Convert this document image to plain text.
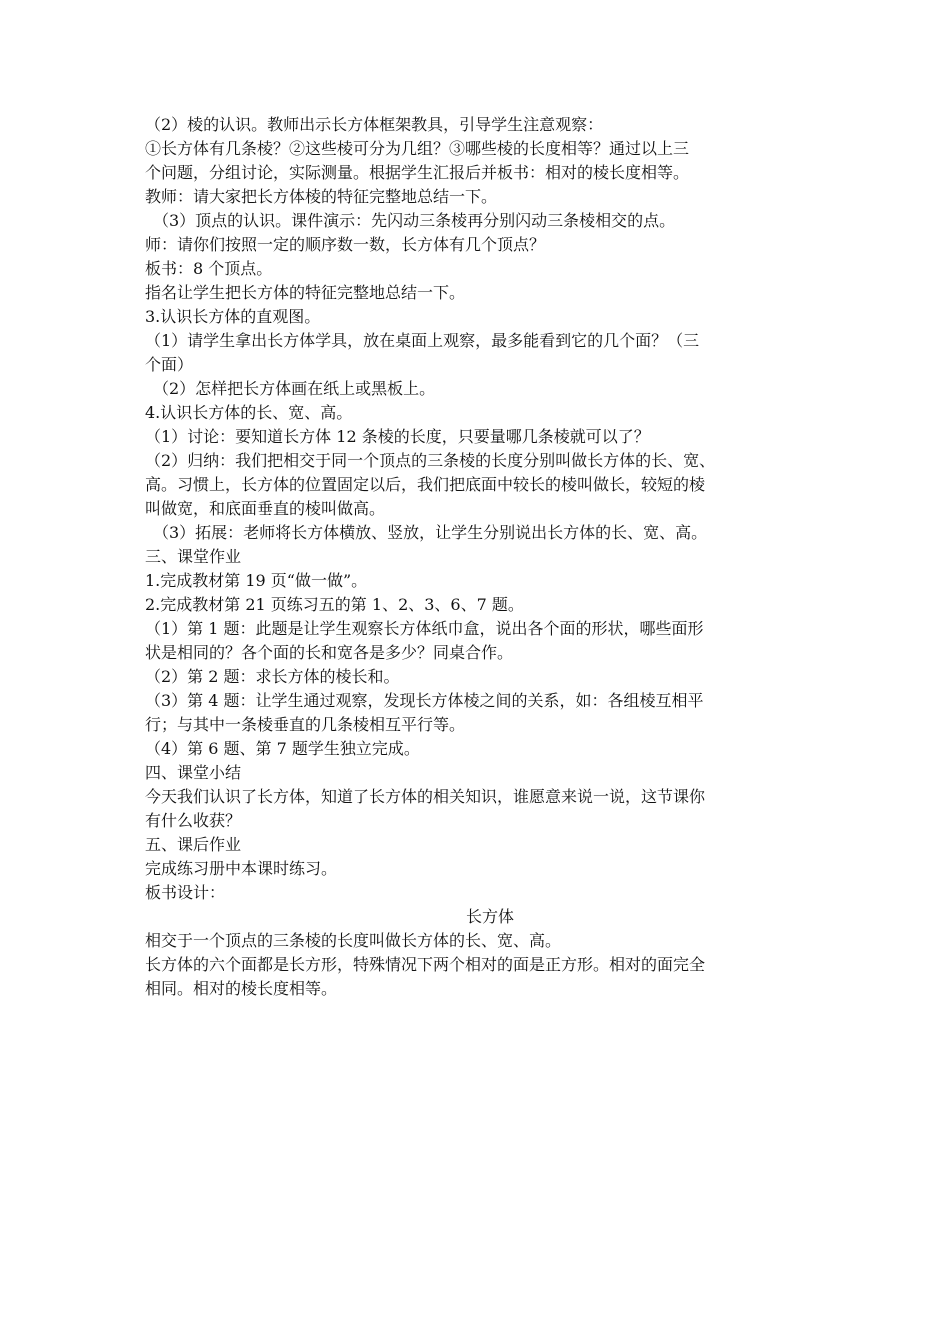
（2）棱的认识。教师出示长方体框架教具，引导学生注意观察：

①长方体有几条棱？②这些棱可分为几组？③哪些棱的长度相等？通过以上三

个问题，分组讨论，实际测量。根据学生汇报后并板书：相对的棱长度相等。

教师：请大家把长方体棱的特征完整地总结一下。

（3）顶点的认识。课件演示：先闪动三条棱再分别闪动三条棱相交的点。

师：请你们按照一定的顺序数一数，长方体有几个顶点？

板书：8 个顶点。

指名让学生把长方体的特征完整地总结一下。

3.认识长方体的直观图。

（1）请学生拿出长方体学具，放在桌面上观察，最多能看到它的几个面？（三

个面）

（2）怎样把长方体画在纸上或黑板上。

4.认识长方体的长、宽、高。

（1）讨论：要知道长方体 12 条棱的长度，只要量哪几条棱就可以了？

（2）归纳：我们把相交于同一个顶点的三条棱的长度分别叫做长方体的长、宽、

高。习惯上，长方体的位置固定以后，我们把底面中较长的棱叫做长，较短的棱

叫做宽，和底面垂直的棱叫做高。

（3）拓展：老师将长方体横放、竖放，让学生分别说出长方体的长、宽、高。

三、课堂作业

1.完成教材第 19 页“做一做”。

2.完成教材第 21 页练习五的第 1、2、3、6、7 题。

（1）第 1 题：此题是让学生观察长方体纸巾盒，说出各个面的形状，哪些面形

状是相同的？各个面的长和宽各是多少？同桌合作。

（2）第 2 题：求长方体的棱长和。

（3）第 4 题：让学生通过观察，发现长方体棱之间的关系，如：各组棱互相平

行；与其中一条棱垂直的几条棱相互平行等。

（4）第 6 题、第 7 题学生独立完成。

四、课堂小结

今天我们认识了长方体，知道了长方体的相关知识，谁愿意来说一说，这节课你

有什么收获？

五、课后作业

完成练习册中本课时练习。

板书设计：

长方体

相交于一个顶点的三条棱的长度叫做长方体的长、宽、高。

长方体的六个面都是长方形，特殊情况下两个相对的面是正方形。相对的面完全

相同。相对的棱长度相等。
